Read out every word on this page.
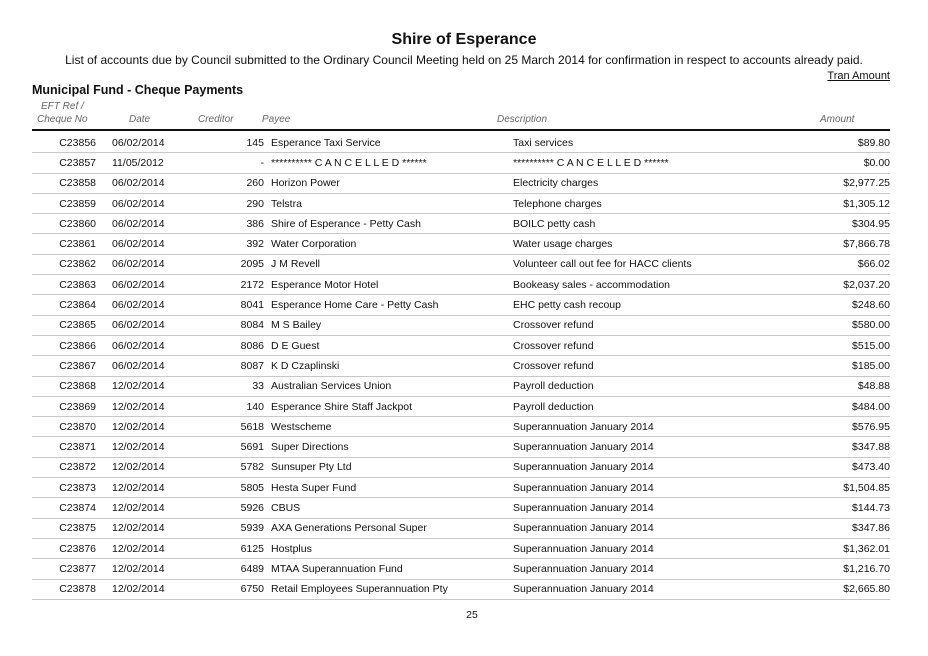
Shire of Esperance
List of accounts due by Council submitted to the Ordinary Council Meeting held on 25 March 2014 for confirmation in respect to accounts already paid.
Tran Amount
Municipal Fund - Cheque Payments
EFT Ref /
Cheque No	Date	Creditor	Payee	Description	Amount
C23856	06/02/2014	145	Esperance Taxi Service	Taxi services	$89.80
C23857	11/05/2012	-	********** C A N C E L L E D ******	********** C A N C E L L E D ******	$0.00
C23858	06/02/2014	260	Horizon Power	Electricity charges	$2,977.25
C23859	06/02/2014	290	Telstra	Telephone charges	$1,305.12
C23860	06/02/2014	386	Shire of Esperance - Petty Cash	BOILC petty cash	$304.95
C23861	06/02/2014	392	Water Corporation	Water usage charges	$7,866.78
C23862	06/02/2014	2095	J M Revell	Volunteer call out fee for HACC clients	$66.02
C23863	06/02/2014	2172	Esperance Motor Hotel	Bookeasy sales - accommodation	$2,037.20
C23864	06/02/2014	8041	Esperance Home Care - Petty Cash	EHC petty cash recoup	$248.60
C23865	06/02/2014	8084	M S Bailey	Crossover refund	$580.00
C23866	06/02/2014	8086	D E Guest	Crossover refund	$515.00
C23867	06/02/2014	8087	K D Czaplinski	Crossover refund	$185.00
C23868	12/02/2014	33	Australian Services Union	Payroll deduction	$48.88
C23869	12/02/2014	140	Esperance Shire Staff Jackpot	Payroll deduction	$484.00
C23870	12/02/2014	5618	Westscheme	Superannuation January 2014	$576.95
C23871	12/02/2014	5691	Super Directions	Superannuation January 2014	$347.88
C23872	12/02/2014	5782	Sunsuper Pty Ltd	Superannuation January 2014	$473.40
C23873	12/02/2014	5805	Hesta Super Fund	Superannuation January 2014	$1,504.85
C23874	12/02/2014	5926	CBUS	Superannuation January 2014	$144.73
C23875	12/02/2014	5939	AXA Generations Personal Super	Superannuation January 2014	$347.86
C23876	12/02/2014	6125	Hostplus	Superannuation January 2014	$1,362.01
C23877	12/02/2014	6489	MTAA Superannuation Fund	Superannuation January 2014	$1,216.70
C23878	12/02/2014	6750	Retail Employees Superannuation Pty	Superannuation January 2014	$2,665.80
25
